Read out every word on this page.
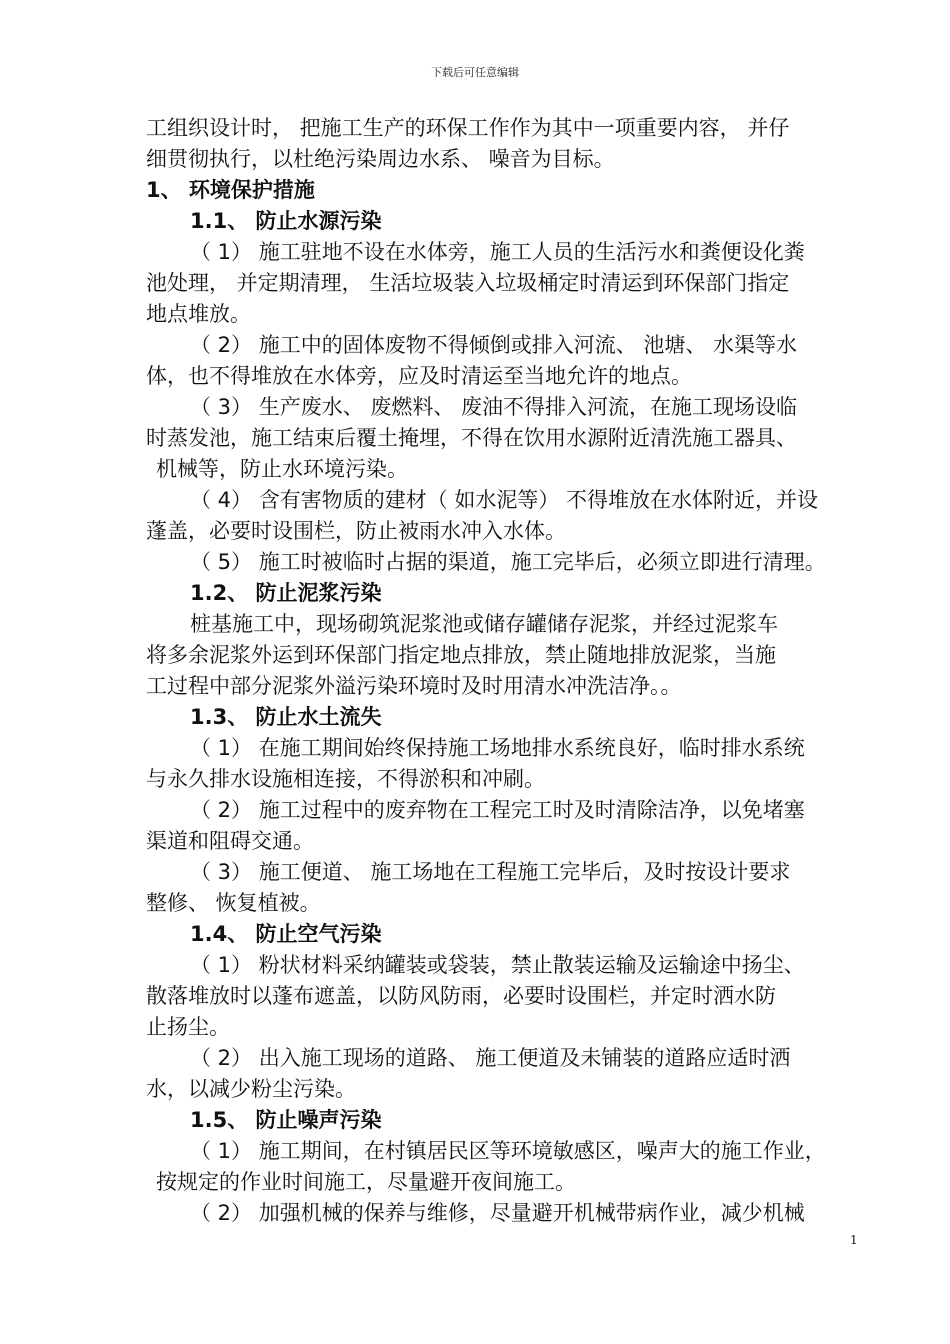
下载后可任意编辑
工组织设计时， 把施工生产的环保工作作为其中一项重要内容， 并仔
细贯彻执行，以杜绝污染周边水系、 噪音为目标。
1、 环境保护措施
1.1、 防止水源污染
（ 1） 施工驻地不设在水体旁，施工人员的生活污水和粪便设化粪
池处理， 并定期清理， 生活垃圾装入垃圾桶定时清运到环保部门指定
地点堆放。
（ 2） 施工中的固体废物不得倾倒或排入河流、 池塘、 水渠等水
体，也不得堆放在水体旁，应及时清运至当地允许的地点。
（ 3） 生产废水、 废燃料、 废油不得排入河流，在施工现场设临
时蒸发池，施工结束后覆土掩埋，不得在饮用水源附近清洗施工器具、
机械等，防止水环境污染。
（ 4） 含有害物质的建材（ 如水泥等） 不得堆放在水体附近，并设
蓬盖，必要时设围栏，防止被雨水冲入水体。
（ 5） 施工时被临时占据的渠道，施工完毕后，必须立即进行清理。
1.2、 防止泥浆污染
桩基施工中，现场砌筑泥浆池或储存罐储存泥浆，并经过泥浆车
将多余泥浆外运到环保部门指定地点排放，禁止随地排放泥浆，当施
工过程中部分泥浆外溢污染环境时及时用清水冲洗洁净。。
1.3、 防止水土流失
（ 1） 在施工期间始终保持施工场地排水系统良好，临时排水系统
与永久排水设施相连接，不得淤积和冲刷。
（ 2） 施工过程中的废弃物在工程完工时及时清除洁净，以免堵塞
渠道和阻碍交通。
（ 3） 施工便道、 施工场地在工程施工完毕后，及时按设计要求
整修、 恢复植被。
1.4、 防止空气污染
（ 1） 粉状材料采纳罐装或袋装，禁止散装运输及运输途中扬尘、
散落堆放时以蓬布遮盖，以防风防雨，必要时设围栏，并定时洒水防
止扬尘。
（ 2） 出入施工现场的道路、 施工便道及未铺装的道路应适时洒
水，以减少粉尘污染。
1.5、 防止噪声污染
（ 1） 施工期间，在村镇居民区等环境敏感区，噪声大的施工作业，
按规定的作业时间施工，尽量避开夜间施工。
（ 2） 加强机械的保养与维修，尽量避开机械带病作业，减少机械
1
